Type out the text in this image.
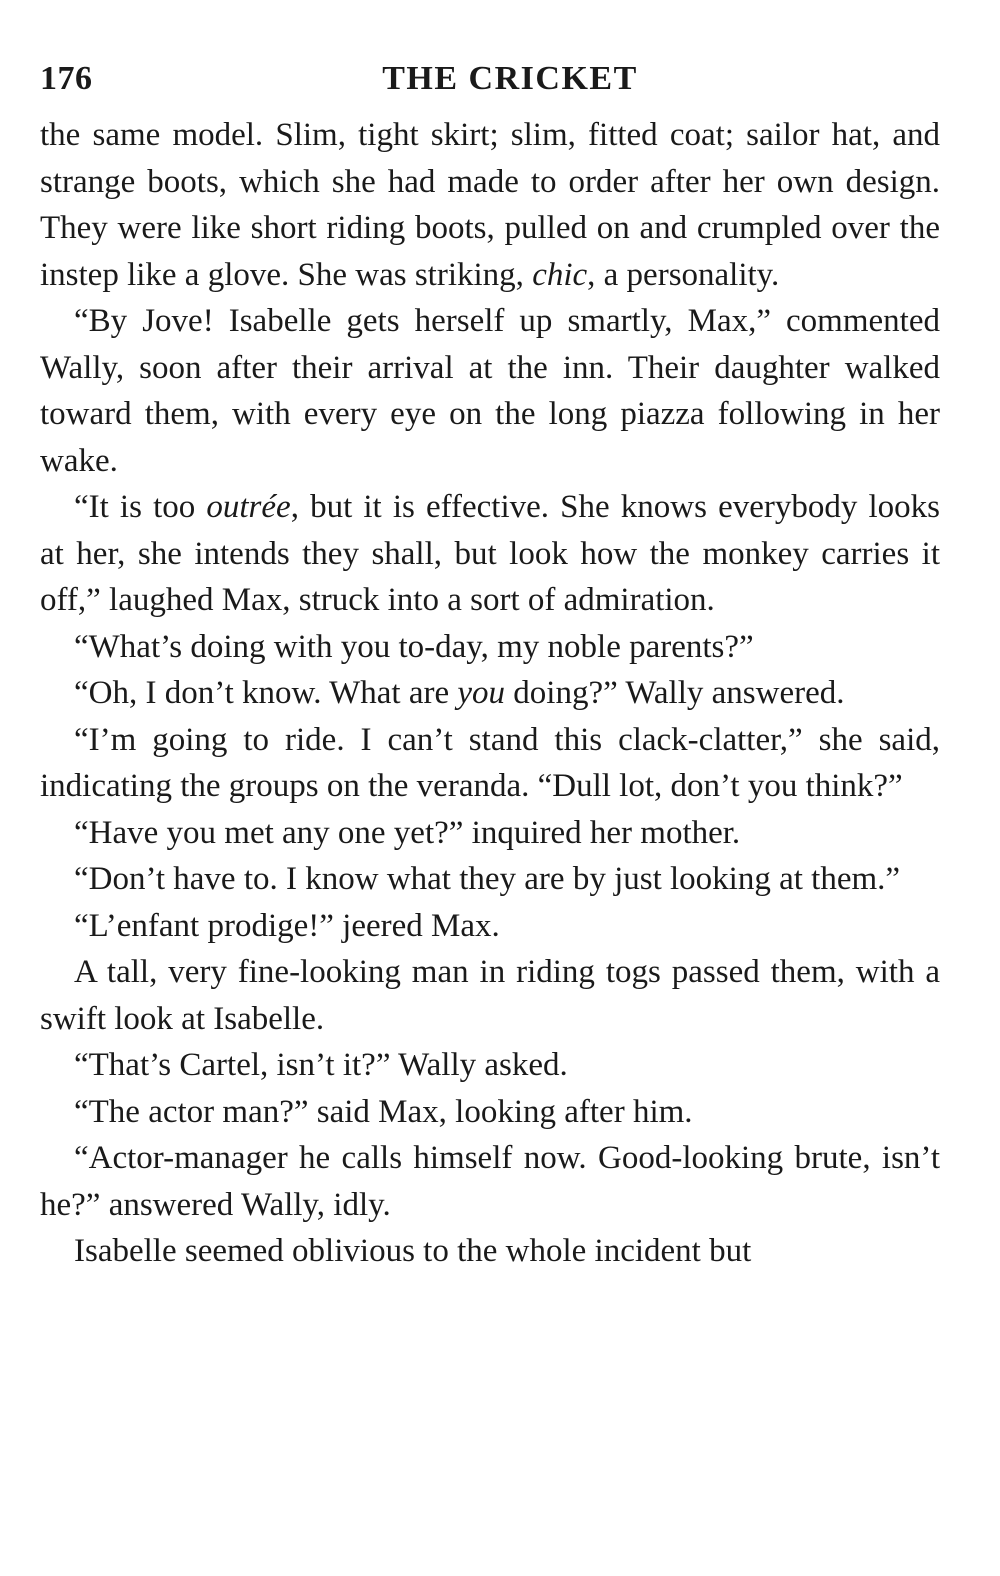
176	THE CRICKET

the same model. Slim, tight skirt; slim, fitted coat; sailor hat, and strange boots, which she had made to order after her own design. They were like short riding boots, pulled on and crumpled over the instep like a glove. She was striking, chic, a personality.

“By Jove! Isabelle gets herself up smartly, Max,” commented Wally, soon after their arrival at the inn. Their daughter walked toward them, with every eye on the long piazza following in her wake.

“It is too outrée, but it is effective. She knows everybody looks at her, she intends they shall, but look how the monkey carries it off,” laughed Max, struck into a sort of admiration.

“What’s doing with you to-day, my noble parents?”

“Oh, I don’t know. What are you doing?” Wally answered.

“I’m going to ride. I can’t stand this clack-clatter,” she said, indicating the groups on the veranda. “Dull lot, don’t you think?”

“Have you met any one yet?” inquired her mother.

“Don’t have to. I know what they are by just looking at them.”

“L’enfant prodige!” jeered Max.

A tall, very fine-looking man in riding togs passed them, with a swift look at Isabelle.

“That’s Cartel, isn’t it?” Wally asked.

“The actor man?” said Max, looking after him.

“Actor-manager he calls himself now. Good-looking brute, isn’t he?” answered Wally, idly.

Isabelle seemed oblivious to the whole incident but
